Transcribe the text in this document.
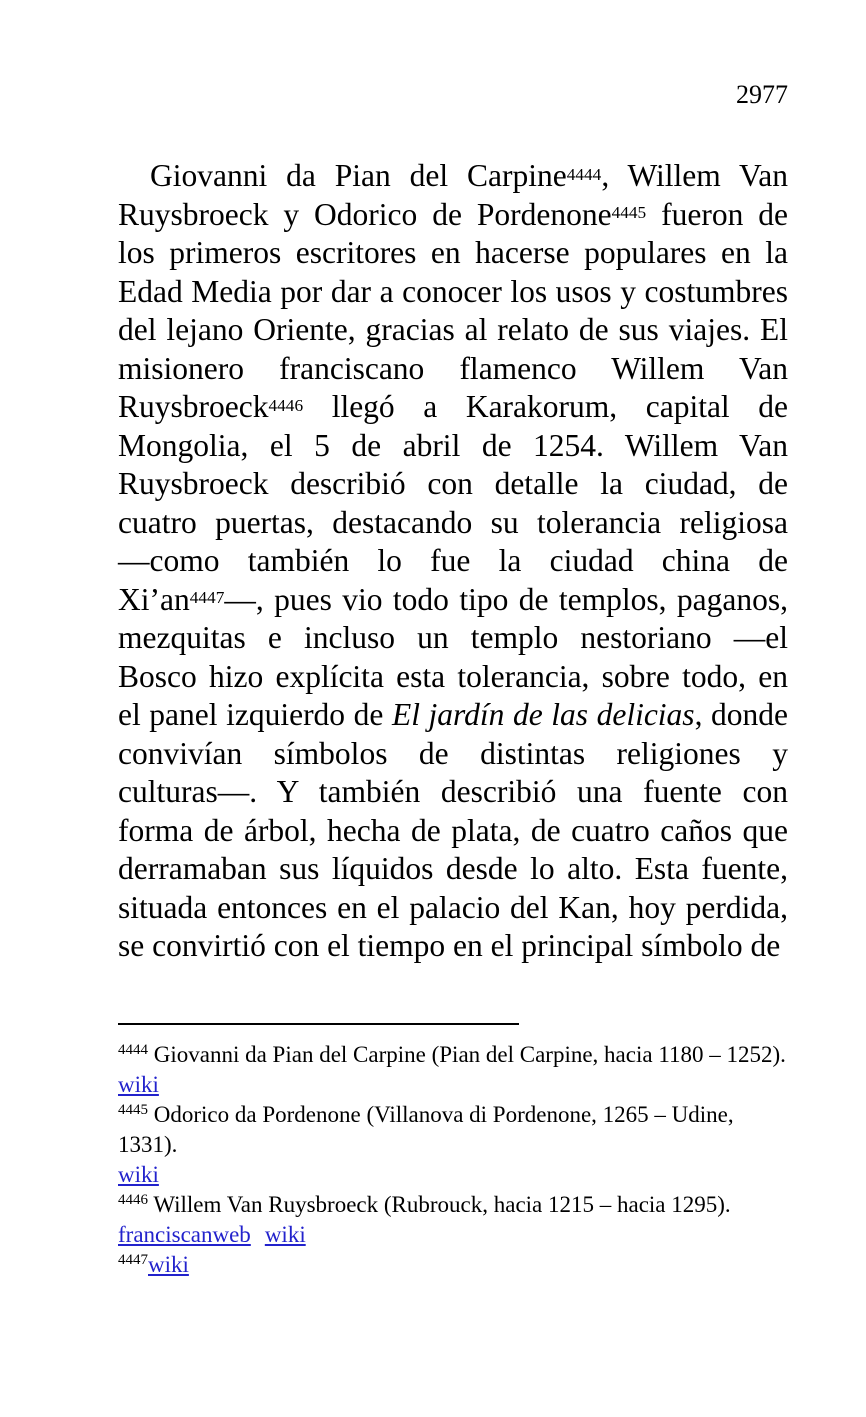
2977

Giovanni da Pian del Carpine$^{4444}$, Willem Van Ruysbroeck y Odorico de Pordenone$^{4445}$ fueron de los primeros escritores en hacerse populares en la Edad Media por dar a conocer los usos y costumbres del lejano Oriente, gracias al relato de sus viajes. El misionero franciscano flamenco Willem Van Ruysbroeck$^{4446}$ llegó a Karakorum, capital de Mongolia, el 5 de abril de 1254. Willem Van Ruysbroeck describió con detalle la ciudad, de cuatro puertas, destacando su tolerancia religiosa ―como también lo fue la ciudad china de $Xi’an^{4447}―$, pues vio todo tipo de templos, paganos, mezquitas e incluso un templo nestoriano ―el Bosco hizo explícita esta tolerancia, sobre todo, en el panel izquierdo de El jardín de las delicias, donde convivían símbolos de distintas religiones y culturas―. Y también describió una fuente con forma de árbol, hecha de plata, de cuatro caños que derramaban sus líquidos desde lo alto. Esta fuente, situada entonces en el palacio del Kan, hoy perdida, se convirtió con el tiempo en el principal símbolo de

$^{4444}$ Giovanni da Pian del Carpine (Pian del Carpine, hacia 1180 – 1252).
wiki

$^{4445}$ Odorico da Pordenone (Villanova di Pordenone, 1265 – Udine, 1331).
wiki

$^{4446}$ Willem Van Ruysbroeck (Rubrouck, hacia 1215 – hacia 1295).
franciscanweb wiki

$^{4447}$wiki
